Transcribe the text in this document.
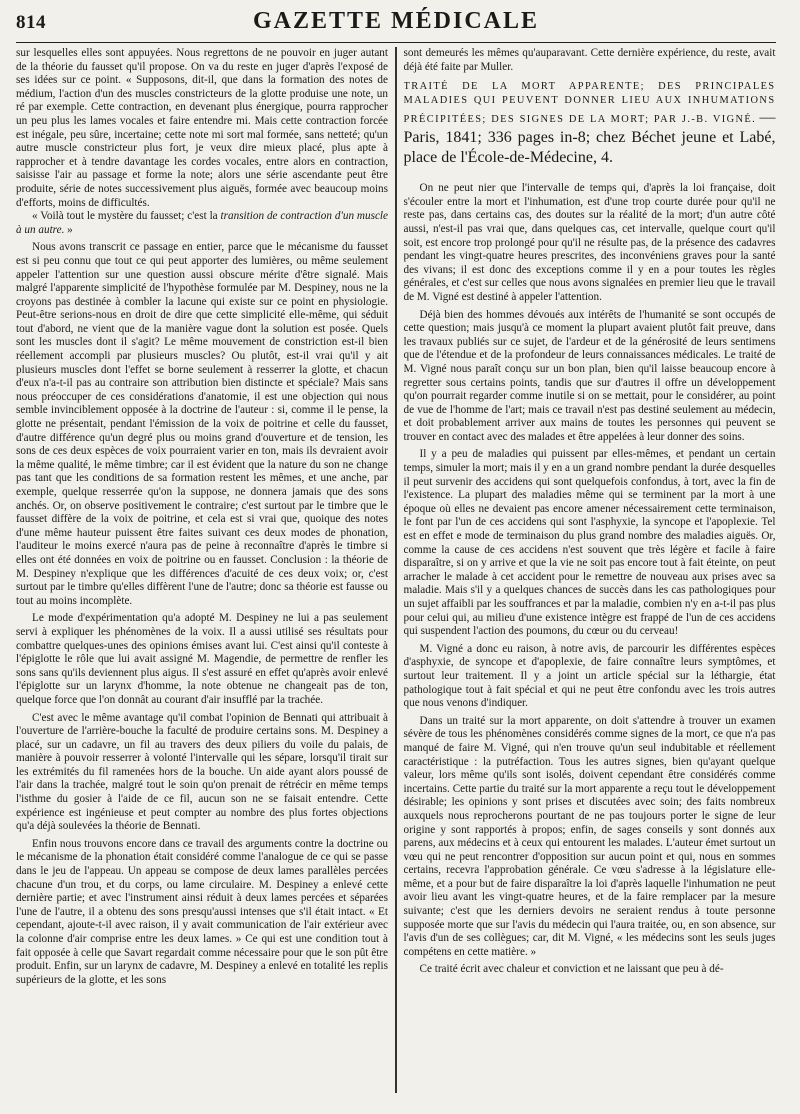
814	GAZETTE MÉDICALE

sur lesquelles elles sont appuyées. Nous regrettons de ne pouvoir en juger autant de la théorie du fausset qu'il propose. On va du reste en juger d'après l'exposé de ses idées sur ce point. « Supposons, dit-il, que dans la formation des notes de médium, l'action d'un des muscles constricteurs de la glotte produise une note, un ré par exemple. Cette contraction, en devenant plus énergique, pourra rapprocher un peu plus les lames vocales et faire entendre mi. Mais cette contraction forcée est inégale, peu sûre, incertaine; cette note mi sort mal formée, sans netteté; qu'un autre muscle constricteur plus fort, je veux dire mieux placé, plus apte à rapprocher et à tendre davantage les cordes vocales, entre alors en contraction, saisisse l'air au passage et forme la note; alors une série ascendante peut être produite, série de notes successivement plus aiguës, formée avec beaucoup moins d'efforts, moins de difficultés.

« Voilà tout le mystère du fausset; c'est la transition de contraction d'un muscle à un autre. »

Nous avons transcrit ce passage en entier, parce que le mécanisme du fausset est si peu connu que tout ce qui peut apporter des lumières, ou même seulement appeler l'attention sur une question aussi obscure mérite d'être signalé. Mais malgré l'apparente simplicité de l'hypothèse formulée par M. Despiney, nous ne la croyons pas destinée à combler la lacune qui existe sur ce point en physiologie. Peut-être serions-nous en droit de dire que cette simplicité elle-même, qui séduit tout d'abord, ne vient que de la manière vague dont la solution est posée. Quels sont les muscles dont il s'agit? Le même mouvement de constriction est-il bien réellement accompli par plusieurs muscles? Ou plutôt, est-il vrai qu'il y ait plusieurs muscles dont l'effet se borne seulement à resserrer la glotte, et chacun d'eux n'a-t-il pas au contraire son attribution bien distincte et spéciale? Mais sans nous préoccuper de ces considérations d'anatomie, il est une objection qui nous semble invinciblement opposée à la doctrine de l'auteur : si, comme il le pense, la glotte ne présentait, pendant l'émission de la voix de poitrine et celle du fausset, d'autre différence qu'un degré plus ou moins grand d'ouverture et de tension, les sons de ces deux espèces de voix pourraient varier en ton, mais ils devraient avoir la même qualité, le même timbre; car il est évident que la nature du son ne change pas tant que les conditions de sa formation restent les mêmes, et une anche, par exemple, quelque resserrée qu'on la suppose, ne donnera jamais que des sons anchés. Or, on observe positivement le contraire; c'est surtout par le timbre que le fausset diffère de la voix de poitrine, et cela est si vrai que, quoique des notes d'une même hauteur puissent être faites suivant ces deux modes de phonation, l'auditeur le moins exercé n'aura pas de peine à reconnaître d'après le timbre si elles ont été données en voix de poitrine ou en fausset. Conclusion : la théorie de M. Despiney n'explique que les différences d'acuité de ces deux voix; or, c'est surtout par le timbre qu'elles diffèrent l'une de l'autre; donc sa théorie est fausse ou tout au moins incomplète.

Le mode d'expérimentation qu'a adopté M. Despiney ne lui a pas seulement servi à expliquer les phénomènes de la voix. Il a aussi utilisé ses résultats pour combattre quelques-unes des opinions émises avant lui. C'est ainsi qu'il conteste à l'épiglotte le rôle que lui avait assigné M. Magendie, de permettre de renfler les sons sans qu'ils deviennent plus aigus. Il s'est assuré en effet qu'après avoir enlevé l'épiglotte sur un larynx d'homme, la note obtenue ne changeait pas de ton, quelque force que l'on donnât au courant d'air insufflé par la trachée.

C'est avec le même avantage qu'il combat l'opinion de Bennati qui attribuait à l'ouverture de l'arrière-bouche la faculté de produire certains sons. M. Despiney a placé, sur un cadavre, un fil au travers des deux piliers du voile du palais, de manière à pouvoir resserrer à volonté l'intervalle qui les sépare, lorsqu'il tirait sur les extrémités du fil ramenées hors de la bouche. Un aide ayant alors poussé de l'air dans la trachée, malgré tout le soin qu'on prenait de rétrécir en même temps l'isthme du gosier à l'aide de ce fil, aucun son ne se faisait entendre. Cette expérience est ingénieuse et peut compter au nombre des plus fortes objections qu'a déjà soulevées la théorie de Bennati.

Enfin nous trouvons encore dans ce travail des arguments contre la doctrine ou le mécanisme de la phonation était considéré comme l'analogue de ce qui se passe dans le jeu de l'appeau. Un appeau se compose de deux lames parallèles percées chacune d'un trou, et du corps, ou lame circulaire. M. Despiney a enlevé cette dernière partie; et avec l'instrument ainsi réduit à deux lames percées et séparées l'une de l'autre, il a obtenu des sons presqu'aussi intenses que s'il était intact. « Et cependant, ajoute-t-il avec raison, il y avait communication de l'air extérieur avec la colonne d'air comprise entre les deux lames. » Ce qui est une condition tout à fait opposée à celle que Savart regardait comme nécessaire pour que le son pût être produit. Enfin, sur un larynx de cadavre, M. Despiney a enlevé en totalité les replis supérieurs de la glotte, et les sons

sont demeurés les mêmes qu'auparavant. Cette dernière expérience, du reste, avait déjà été faite par Muller.

TRAITÉ DE LA MORT APPARENTE; DES PRINCIPALES MALADIES QUI PEUVENT DONNER LIEU AUX INHUMATIONS PRÉCIPITÉES; DES SIGNES DE LA MORT; PAR J.-B. VIGNÉ. — Paris, 1841; 336 pages in-8; chez Béchet jeune et Labé, place de l'École-de-Médecine, 4.

On ne peut nier que l'intervalle de temps qui, d'après la loi française, doit s'écouler entre la mort et l'inhumation, est d'une trop courte durée pour qu'il ne reste pas, dans certains cas, des doutes sur la réalité de la mort; d'un autre côté aussi, n'est-il pas vrai que, dans quelques cas, cet intervalle, quelque court qu'il soit, est encore trop prolongé pour qu'il ne résulte pas, de la présence des cadavres pendant les vingt-quatre heures prescrites, des inconvéniens graves pour la santé des vivans; il est donc des exceptions comme il y en a pour toutes les règles générales, et c'est sur celles que nous avons signalées en premier lieu que le travail de M. Vigné est destiné à appeler l'attention.

Déjà bien des hommes dévoués aux intérêts de l'humanité se sont occupés de cette question; mais jusqu'à ce moment la plupart avaient plutôt fait preuve, dans les travaux publiés sur ce sujet, de l'ardeur et de la générosité de leurs sentimens que de l'étendue et de la profondeur de leurs connaissances médicales. Le traité de M. Vigné nous paraît conçu sur un bon plan, bien qu'il laisse beaucoup encore à regretter sous certains points, tandis que sur d'autres il offre un développement qu'on pourrait regarder comme inutile si on se mettait, pour le considérer, au point de vue de l'homme de l'art; mais ce travail n'est pas destiné seulement au médecin, et doit probablement arriver aux mains de toutes les personnes qui peuvent se trouver en contact avec des malades et être appelées à leur donner des soins.

Il y a peu de maladies qui puissent par elles-mêmes, et pendant un certain temps, simuler la mort; mais il y en a un grand nombre pendant la durée desquelles il peut survenir des accidens qui sont quelquefois confondus, à tort, avec la fin de l'existence. La plupart des maladies même qui se terminent par la mort à une époque où elles ne devaient pas encore amener nécessairement cette terminaison, le font par l'un de ces accidens qui sont l'asphyxie, la syncope et l'apoplexie. Tel est en effet e mode de terminaison du plus grand nombre des maladies aiguës. Or, comme la cause de ces accidens n'est souvent que très légère et facile à faire disparaître, si on y arrive et que la vie ne soit pas encore tout à fait éteinte, on peut arracher le malade à cet accident pour le remettre de nouveau aux prises avec sa maladie. Mais s'il y a quelques chances de succès dans les cas pathologiques pour un sujet affaibli par les souffrances et par la maladie, combien n'y en a-t-il pas plus pour celui qui, au milieu d'une existence intègre est frappé de l'un de ces accidens qui suspendent l'action des poumons, du cœur ou du cerveau!

M. Vigné a donc eu raison, à notre avis, de parcourir les différentes espèces d'asphyxie, de syncope et d'apoplexie, de faire connaître leurs symptômes, et surtout leur traitement. Il y a joint un article spécial sur la léthargie, état pathologique tout à fait spécial et qui ne peut être confondu avec les trois autres que nous venons d'indiquer.

Dans un traité sur la mort apparente, on doit s'attendre à trouver un examen sévère de tous les phénomènes considérés comme signes de la mort, ce que n'a pas manqué de faire M. Vigné, qui n'en trouve qu'un seul indubitable et réellement caractéristique : la putréfaction. Tous les autres signes, bien qu'ayant quelque valeur, lors même qu'ils sont isolés, doivent cependant être considérés comme incertains. Cette partie du traité sur la mort apparente a reçu tout le développement désirable; les opinions y sont prises et discutées avec soin; des faits nombreux auxquels nous reprocherons pourtant de ne pas toujours porter le signe de leur origine y sont rapportés à propos; enfin, de sages conseils y sont donnés aux parens, aux médecins et à ceux qui entourent les malades. L'auteur émet surtout un vœu qui ne peut rencontrer d'opposition sur aucun point et qui, nous en sommes certains, recevra l'approbation générale. Ce vœu s'adresse à la législature elle-même, et a pour but de faire disparaître la loi d'après laquelle l'inhumation ne peut avoir lieu avant les vingt-quatre heures, et de la faire remplacer par la mesure suivante; c'est que les derniers devoirs ne seraient rendus à toute personne supposée morte que sur l'avis du médecin qui l'aura traitée, ou, en son absence, sur l'avis d'un de ses collègues; car, dit M. Vigné, « les médecins sont les seuls juges compétens en cette matière. »

Ce traité écrit avec chaleur et conviction et ne laissant que peu à dé-
